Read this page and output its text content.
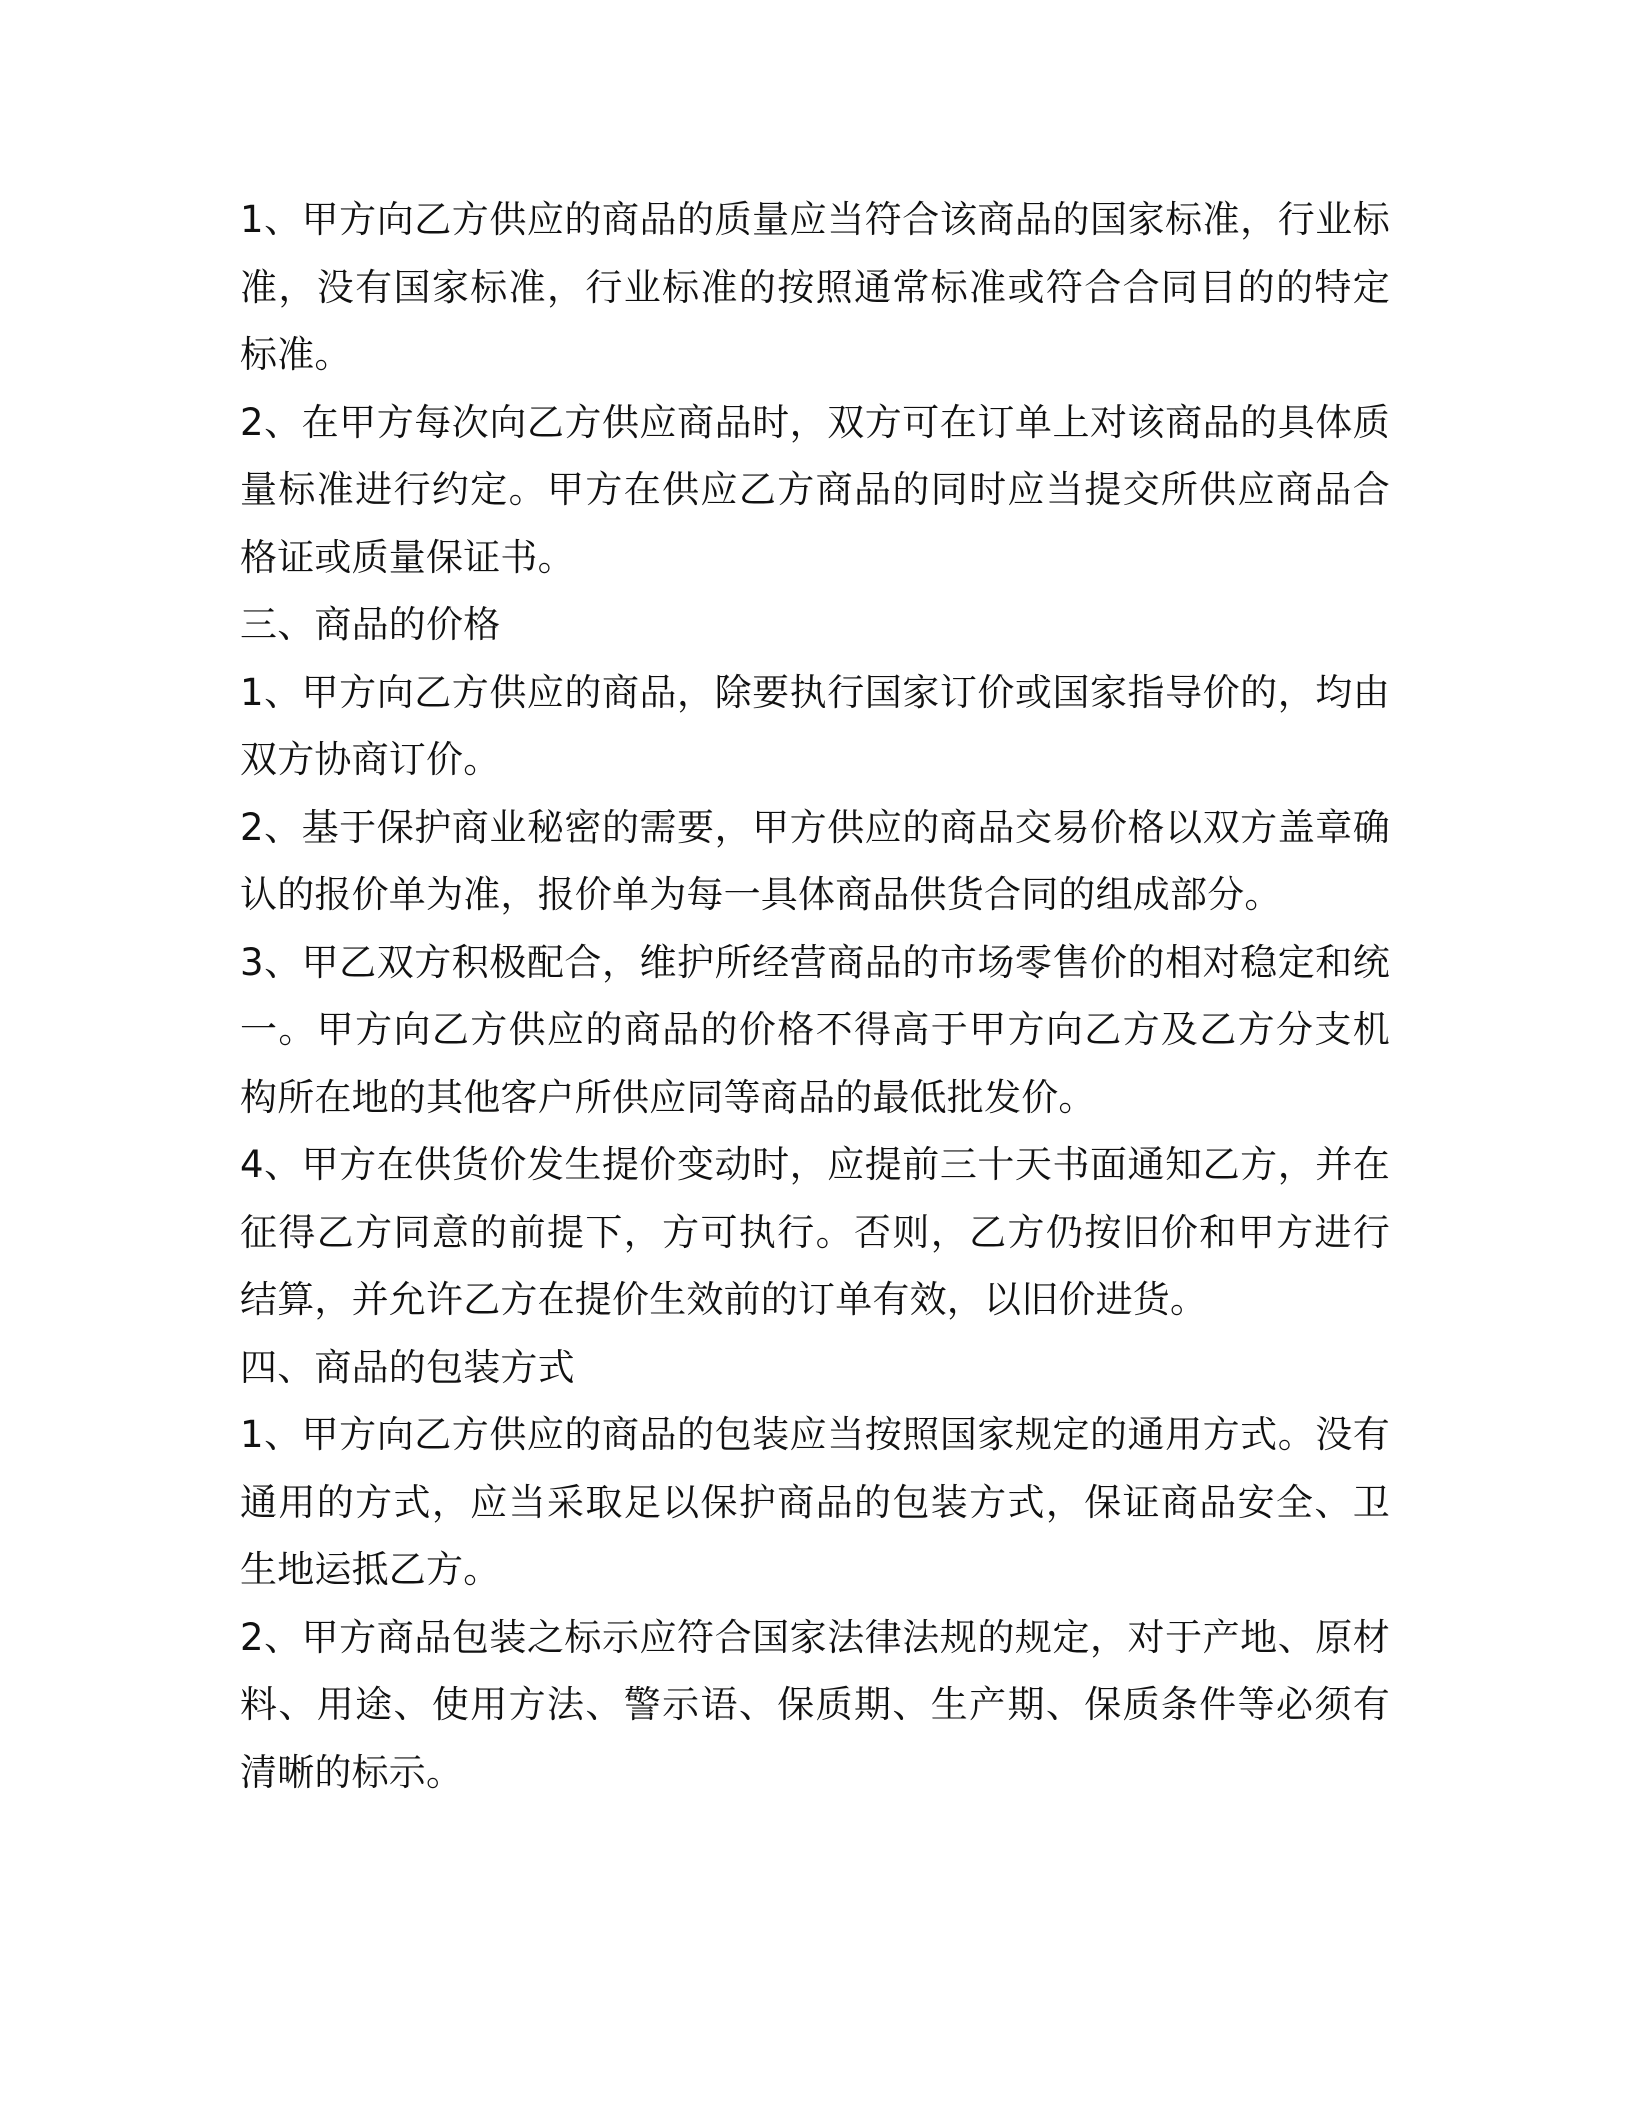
1、甲方向乙方供应的商品的质量应当符合该商品的国家标准，行业标准，没有国家标准，行业标准的按照通常标准或符合合同目的的特定标准。

2、在甲方每次向乙方供应商品时，双方可在订单上对该商品的具体质量标准进行约定。甲方在供应乙方商品的同时应当提交所供应商品合格证或质量保证书。

三、商品的价格

1、甲方向乙方供应的商品，除要执行国家订价或国家指导价的，均由双方协商订价。

2、基于保护商业秘密的需要，甲方供应的商品交易价格以双方盖章确认的报价单为准，报价单为每一具体商品供货合同的组成部分。

3、甲乙双方积极配合，维护所经营商品的市场零售价的相对稳定和统一。甲方向乙方供应的商品的价格不得高于甲方向乙方及乙方分支机构所在地的其他客户所供应同等商品的最低批发价。

4、甲方在供货价发生提价变动时，应提前三十天书面通知乙方，并在征得乙方同意的前提下，方可执行。否则，乙方仍按旧价和甲方进行结算，并允许乙方在提价生效前的订单有效，以旧价进货。

四、商品的包装方式

1、甲方向乙方供应的商品的包装应当按照国家规定的通用方式。没有通用的方式，应当采取足以保护商品的包装方式，保证商品安全、卫生地运抵乙方。

2、甲方商品包装之标示应符合国家法律法规的规定，对于产地、原材料、用途、使用方法、警示语、保质期、生产期、保质条件等必须有清晰的标示。
